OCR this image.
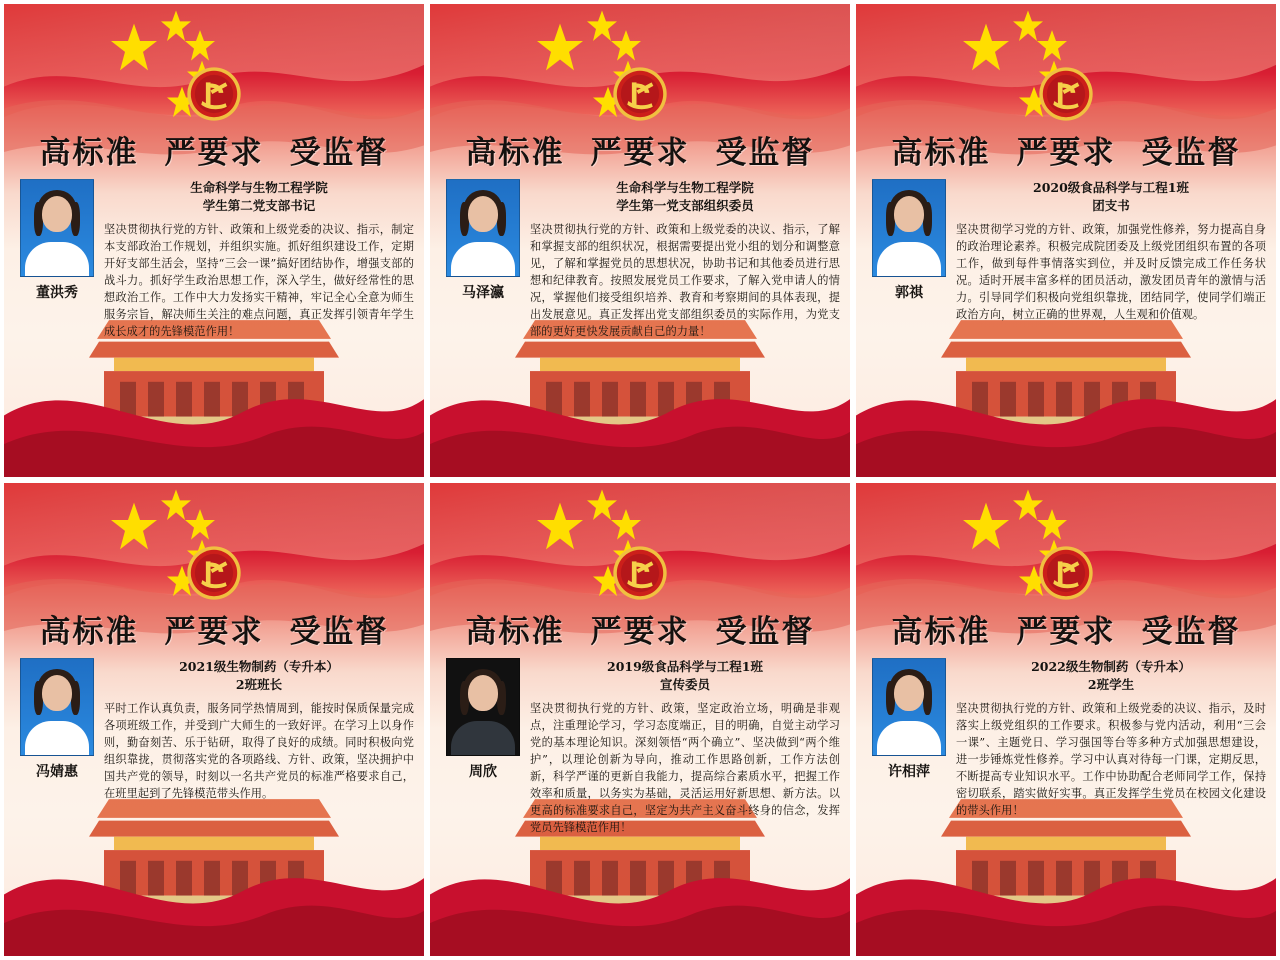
高标准 严要求 受监督
董洪秀
生命科学与生物工程学院
学生第二党支部书记
坚决贯彻执行党的方针、政策和上级党委的决议、指示，制定本支部政治工作规划，并组织实施。抓好组织建设工作，定期开好支部生活会，坚持“三会一课”搞好团结协作，增强支部的战斗力。抓好学生政治思想工作，深入学生，做好经常性的思想政治工作。工作中大力发扬实干精神，牢记全心全意为师生服务宗旨，解决师生关注的难点问题，真正发挥引领青年学生成长成才的先锋模范作用！
高标准 严要求 受监督
马泽瀛
生命科学与生物工程学院
学生第一党支部组织委员
坚决贯彻执行党的方针、政策和上级党委的决议、指示，了解和掌握支部的组织状况，根据需要提出党小组的划分和调整意见，了解和掌握党员的思想状况，协助书记和其他委员进行思想和纪律教育。按照发展党员工作要求，了解入党申请人的情况，掌握他们接受组织培养、教育和考察期间的具体表现，提出发展意见。真正发挥出党支部组织委员的实际作用，为党支部的更好更快发展贡献自己的力量！
高标准 严要求 受监督
郭祺
2020级食品科学与工程1班
团支书
坚决贯彻学习党的方针、政策，加强党性修养，努力提高自身的政治理论素养。积极完成院团委及上级党团组织布置的各项工作，做到每件事情落实到位，并及时反馈完成工作任务状况。适时开展丰富多样的团员活动，激发团员青年的激情与活力。引导同学们积极向党组织靠拢，团结同学，使同学们端正政治方向，树立正确的世界观，人生观和价值观。
高标准 严要求 受监督
冯婧惠
2021级生物制药（专升本）
2班班长
平时工作认真负责，服务同学热情周到，能按时保质保量完成各项班级工作，并受到广大师生的一致好评。在学习上以身作则，勤奋刻苦、乐于钻研，取得了良好的成绩。同时积极向党组织靠拢，贯彻落实党的各项路线、方针、政策，坚决拥护中国共产党的领导，时刻以一名共产党员的标准严格要求自己，在班里起到了先锋模范带头作用。
高标准 严要求 受监督
周欣
2019级食品科学与工程1班
宣传委员
坚决贯彻执行党的方针、政策，坚定政治立场，明确是非观点，注重理论学习，学习态度端正，目的明确，自觉主动学习党的基本理论知识。深刻领悟“两个确立”、坚决做到“两个维护”，以理论创新为导向，推动工作思路创新，工作方法创新，科学严谨的更新自我能力，提高综合素质水平，把握工作效率和质量，以务实为基础，灵活运用好新思想、新方法。以更高的标准要求自己，坚定为共产主义奋斗终身的信念，发挥党员先锋模范作用！
高标准 严要求 受监督
许相萍
2022级生物制药（专升本）
2班学生
坚决贯彻执行党的方针、政策和上级党委的决议、指示，及时落实上级党组织的工作要求。积极参与党内活动，利用“三会一课”、主题党日、学习强国等台等多种方式加强思想建设，进一步锤炼党性修养。学习中认真对待每一门课，定期反思，不断提高专业知识水平。工作中协助配合老师同学工作，保持密切联系，踏实做好实事。真正发挥学生党员在校园文化建设的带头作用！
